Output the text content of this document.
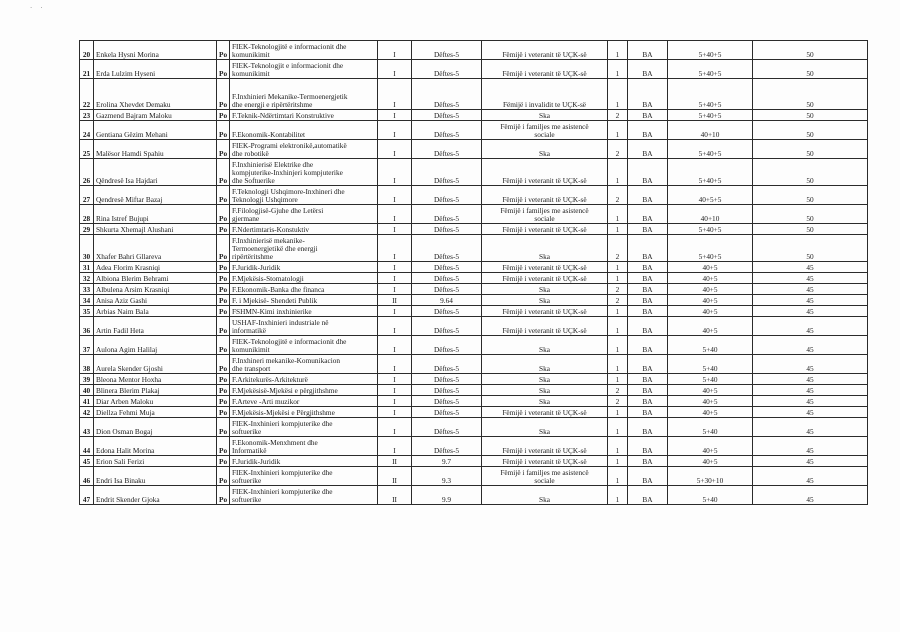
· ·
20	Enkela Hysni Morina	Po	FIEK-Teknologjitë e informacionit dhe
komunikimit	I	Dëftes-5	Fëmijë i veteranit të UÇK-së	1	BA	5+40+5	50
21	Erda Lulzim Hyseni	Po	FIEK-Teknologjit e informacionit dhe
komunikimit	I	Dëftes-5	Fëmijë i veteranit të UÇK-së	1	BA	5+40+5	50
22	Erolina Xhevdet Demaku	Po	F.Inxhinieri Mekanike-Termoenergjetik
dhe energji e ripërtëritshme	I	Dëftes-5	Fëmijë i invalidit te UÇK-së	1	BA	5+40+5	50
23	Gazmend Bajram Maloku	Po	F.Teknik-Ndërtimtari Konstruktive	I	Dëftes-5	Ska	2	BA	5+40+5	50
24	Gentiana Gëzim Mehani	Po	F.Ekonomik-Kontabilitet	I	Dëftes-5	Fëmijë i familjes me asistencë
sociale	1	BA	40+10	50
25	Malësor Hamdi Spahiu	Po	FIEK-Programi elektronikë,automatikë
dhe robotikë	I	Dëftes-5	Ska	2	BA	5+40+5	50
26	Qëndresë Isa Hajdari	Po	F.Inxhinierisë Elektrike dhe
kompjuterike-Inxhinjeri kompjuterike
dhe Softuerike	I	Dëftes-5	Fëmijë i veteranit të UÇK-së	1	BA	5+40+5	50
27	Qendresë Miftar Bazaj	Po	F.Teknologji Ushqimore-Inxhineri dhe
Teknologji Ushqimore	I	Dëftes-5	Fëmijë i veteranit të UÇK-së	2	BA	40+5+5	50
28	Rina Istref Bujupi	Po	F.Filologjisë-Gjuhe dhe Letërsi
gjermane	I	Dëftes-5	Fëmijë i familjes me asistencë
sociale	1	BA	40+10	50
29	Shkurta Xhemajl Alushani	Po	F.Ndertimtaris-Konstuktiv	I	Dëftes-5	Fëmijë i veteranit të UÇK-së	1	BA	5+40+5	50
30	Xhafer Bahri Gllareva	Po	F.Inxhinierisë mekanike-
Termoenergjetikë dhe energji
ripërtëritshme	I	Dëftes-5	Ska	2	BA	5+40+5	50
31	Adea Florim Krasniqi	Po	F.Juridik-Juridik	I	Dëftes-5	Fëmijë i veteranit të UÇK-së	1	BA	40+5	45
32	Albiona Blerim Behrami	Po	F.Mjekësis-Stomatologji	I	Dëftes-5	Fëmijë i veteranit të UÇK-së	1	BA	40+5	45
33	Albulena Arsim Krasniqi	Po	F.Ekonomik-Banka dhe financa	I	Dëftes-5	Ska	2	BA	40+5	45
34	Anisa Aziz Gashi	Po	F. i Mjekisë- Shendeti Publik	II	9.64	Ska	2	BA	40+5	45
35	Arbias Naim Bala	Po	FSHMN-Kimi inxhinierike	I	Dëftes-5	Fëmijë i veteranit të UÇK-së	1	BA	40+5	45
36	Artin Fadil Heta	Po	USHAF-Inxhinieri industriale në
informatikë	I	Dëftes-5	Fëmijë i veteranit të UÇK-së	1	BA	40+5	45
37	Aulona Agim Halilaj	Po	FIEK-Teknologjitë e informacionit dhe
komunikimit	I	Dëftes-5	Ska	1	BA	5+40	45
38	Aurela Skender Gjoshi	Po	F.Inxhineri mekanike-Komunikacion
dhe transport	I	Dëftes-5	Ska	1	BA	5+40	45
39	Bleona Mentor Hoxha	Po	F.Arkitekurës-Arkitekturë	I	Dëftes-5	Ska	1	BA	5+40	45
40	Blinera Blerim Plakaj	Po	F.Mjekësisë-Mjekësi e përgjithshme	I	Dëftes-5	Ska	2	BA	40+5	45
41	Diar Arben Maloku	Po	F.Arteve -Arti muzikor	I	Dëftes-5	Ska	2	BA	40+5	45
42	Diellza Fehmi Muja	Po	F.Mjekësis-Mjekësi e Përgjithshme	I	Dëftes-5	Fëmijë i veteranit të UÇK-së	1	BA	40+5	45
43	Dion Osman Bogaj	Po	FIEK-Inxhinieri kompjuterike dhe
softuerike	I	Dëftes-5	Ska	1	BA	5+40	45
44	Edona Halit Morina	Po	F.Ekonomik-Menxhment dhe
Informatikë	I	Dëftes-5	Fëmijë i veteranit të UÇK-së	1	BA	40+5	45
45	Erion Sali Ferizi	Po	F.Juridik-Juridik	II	9.7	Fëmijë i veteranit të UÇK-së	1	BA	40+5	45
46	Endri Isa Binaku	Po	FIEK-Inxhinieri kompjuterike dhe
softuerike	II	9.3	Fëmijë i familjes me asistencë
sociale	1	BA	5+30+10	45
47	Endrit Skender Gjoka	Po	FIEK-Inxhinieri kompjuterike dhe
softuerike	II	9.9	Ska	1	BA	5+40	45
